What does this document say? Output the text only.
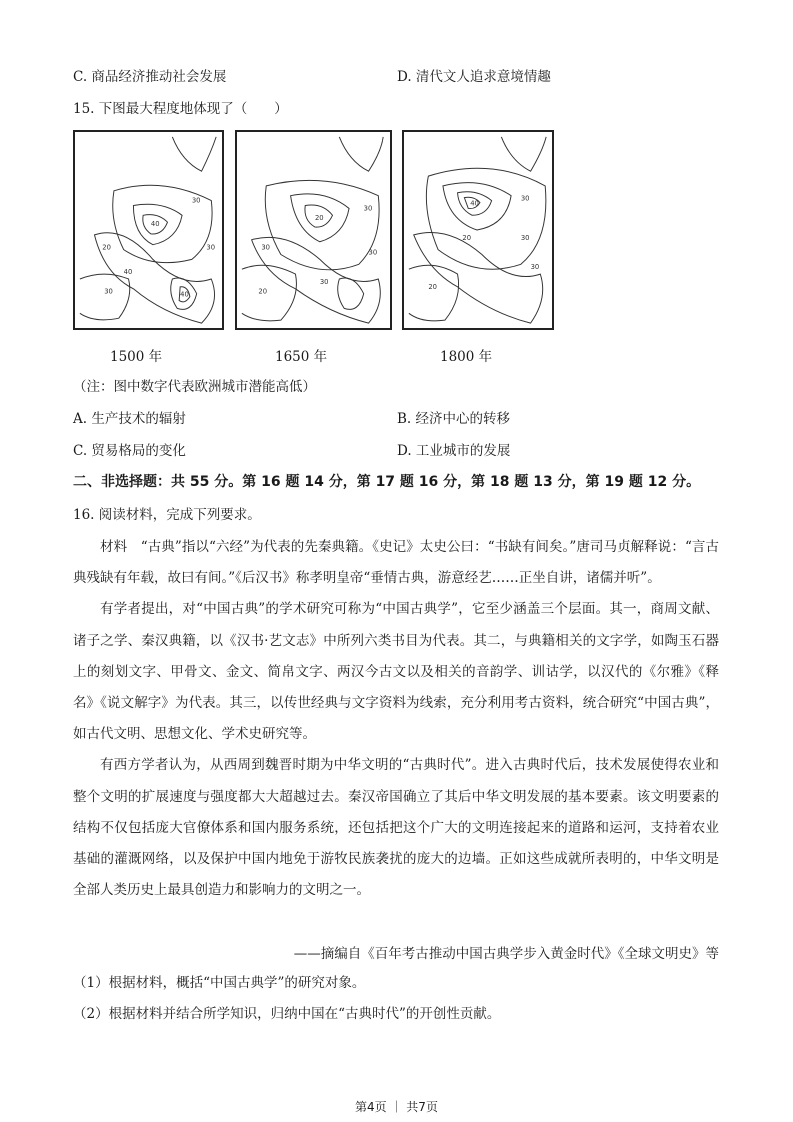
C. 商品经济推动社会发展	D. 清代文人追求意境情趣
15. 下图最大程度地体现了（　　）
30
40
20	30
40
30	40
30
20
30
20
30
30
30
20	30
20
40
30
1500 年	1650 年	1800 年
（注：图中数字代表欧洲城市潜能高低）
A. 生产技术的辐射	B. 经济中心的转移
C. 贸易格局的变化	D. 工业城市的发展
二、非选择题：共 55 分。第 16 题 14 分，第 17 题 16 分，第 18 题 13 分，第 19 题 12 分。
16. 阅读材料，完成下列要求。

材料　“古典”指以“六经”为代表的先秦典籍。《史记》太史公曰：“书缺有间矣。”唐司马贞解释说：“言古典残缺有年载，故曰有间。”《后汉书》称孝明皇帝“垂情古典，游意经艺……正坐自讲，诸儒并听”。

有学者提出，对“中国古典”的学术研究可称为“中国古典学”，它至少涵盖三个层面。其一，商周文献、诸子之学、秦汉典籍，以《汉书·艺文志》中所列六类书目为代表。其二，与典籍相关的文字学，如陶玉石器上的刻划文字、甲骨文、金文、简帛文字、两汉今古文以及相关的音韵学、训诂学，以汉代的《尔雅》《释名》《说文解字》为代表。其三，以传世经典与文字资料为线索，充分利用考古资料，统合研究“中国古典”，如古代文明、思想文化、学术史研究等。

有西方学者认为，从西周到魏晋时期为中华文明的“古典时代”。进入古典时代后，技术发展使得农业和整个文明的扩展速度与强度都大大超越过去。秦汉帝国确立了其后中华文明发展的基本要素。该文明要素的结构不仅包括庞大官僚体系和国内服务系统，还包括把这个广大的文明连接起来的道路和运河，支持着农业基础的灌溉网络，以及保护中国内地免于游牧民族袭扰的庞大的边墙。正如这些成就所表明的，中华文明是全部人类历史上最具创造力和影响力的文明之一。

——摘编自《百年考古推动中国古典学步入黄金时代》《全球文明史》等
（1）根据材料，概括“中国古典学”的研究对象。
（2）根据材料并结合所学知识，归纳中国在“古典时代”的开创性贡献。
第4页 ｜ 共7页
